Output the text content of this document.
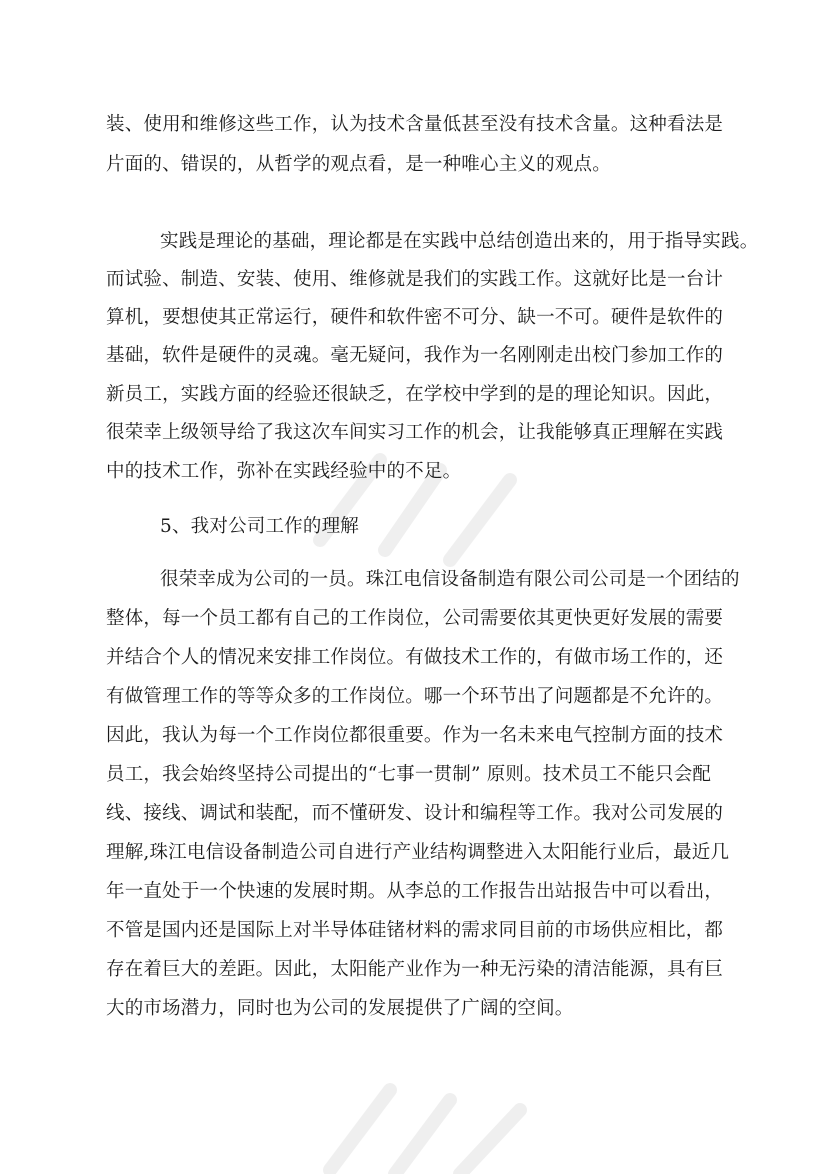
装、使用和维修这些工作，认为技术含量低甚至没有技术含量。这种看法是
片面的、错误的，从哲学的观点看，是一种唯心主义的观点。
实践是理论的基础，理论都是在实践中总结创造出来的，用于指导实践。
而试验、制造、安装、使用、维修就是我们的实践工作。这就好比是一台计
算机，要想使其正常运行，硬件和软件密不可分、缺一不可。硬件是软件的
基础，软件是硬件的灵魂。毫无疑问，我作为一名刚刚走出校门参加工作的
新员工，实践方面的经验还很缺乏，在学校中学到的是的理论知识。因此，
很荣幸上级领导给了我这次车间实习工作的机会，让我能够真正理解在实践
中的技术工作，弥补在实践经验中的不足。
5、我对公司工作的理解
很荣幸成为公司的一员。珠江电信设备制造有限公司公司是一个团结的
整体，每一个员工都有自己的工作岗位，公司需要依其更快更好发展的需要
并结合个人的情况来安排工作岗位。有做技术工作的，有做市场工作的，还
有做管理工作的等等众多的工作岗位。哪一个环节出了问题都是不允许的。
因此，我认为每一个工作岗位都很重要。作为一名未来电气控制方面的技术
员工，我会始终坚持公司提出的“七事一贯制” 原则。技术员工不能只会配
线、接线、调试和装配，而不懂研发、设计和编程等工作。我对公司发展的
理解,珠江电信设备制造公司自进行产业结构调整进入太阳能行业后，最近几
年一直处于一个快速的发展时期。从李总的工作报告出站报告中可以看出，
不管是国内还是国际上对半导体硅锗材料的需求同目前的市场供应相比，都
存在着巨大的差距。因此，太阳能产业作为一种无污染的清洁能源，具有巨
大的市场潜力，同时也为公司的发展提供了广阔的空间。
